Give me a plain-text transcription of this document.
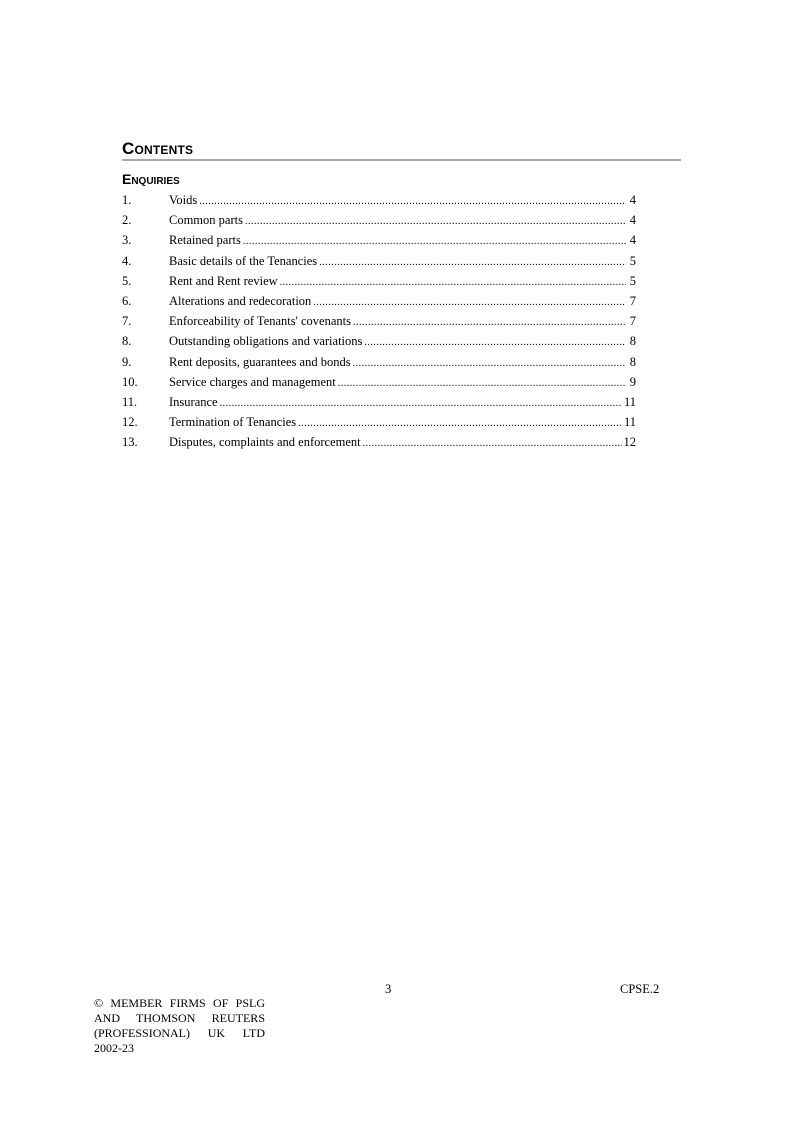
Contents
Enquiries
1.	Voids .....	4
2.	Common parts .....	4
3.	Retained parts .....	4
4.	Basic details of the Tenancies .....	5
5.	Rent and Rent review .....	5
6.	Alterations and redecoration .....	7
7.	Enforceability of Tenants' covenants .....	7
8.	Outstanding obligations and variations .....	8
9.	Rent deposits, guarantees and bonds .....	8
10.	Service charges and management .....	9
11.	Insurance .....	11
12.	Termination of Tenancies .....	11
13.	Disputes, complaints and enforcement .....	12
3	CPSE.2
© MEMBER FIRMS OF PSLG
AND THOMSON REUTERS
(PROFESSIONAL) UK LTD
2002-23
